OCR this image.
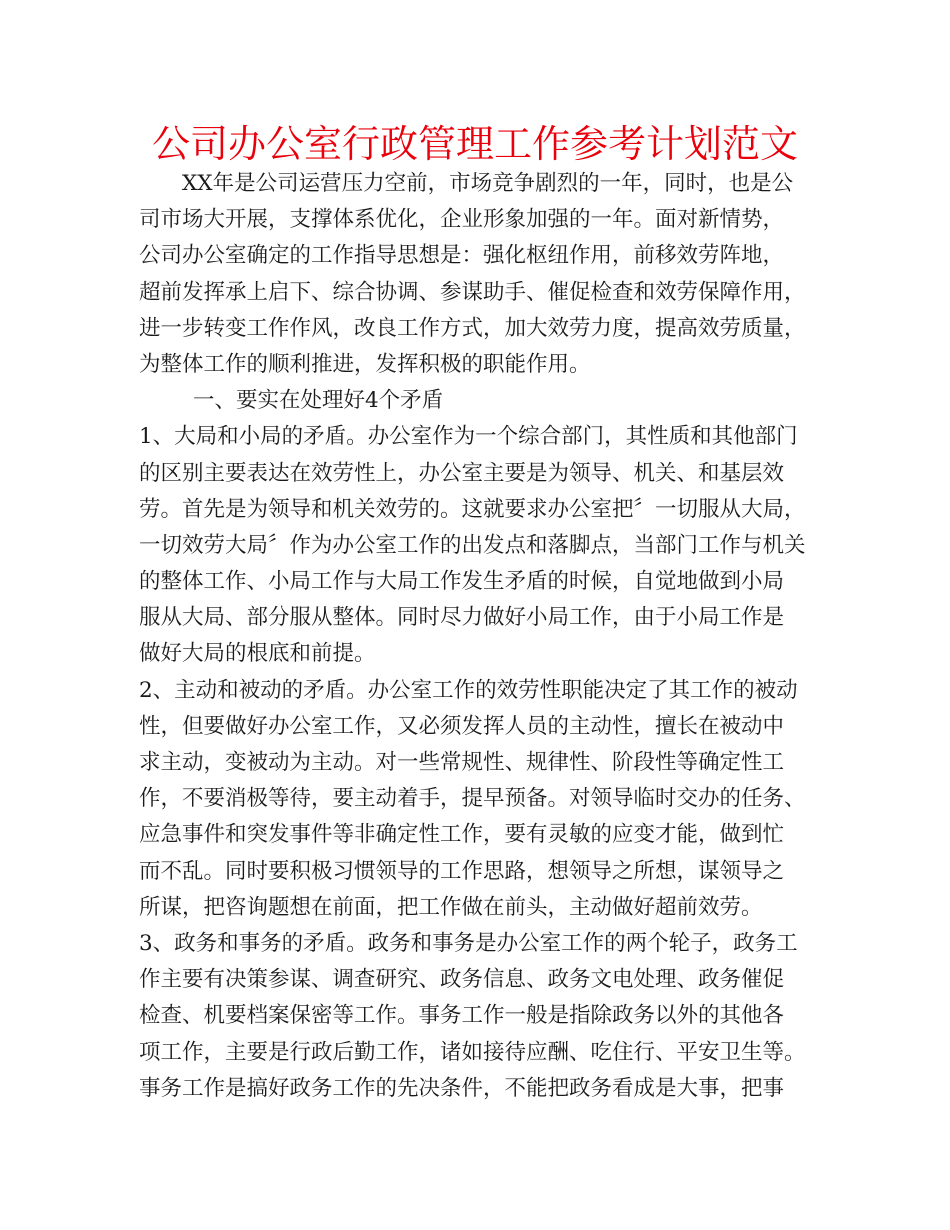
公司办公室行政管理工作参考计划范文
XX年是公司运营压力空前，市场竞争剧烈的一年，同时，也是公
司市场大开展，支撑体系优化，企业形象加强的一年。面对新情势，
公司办公室确定的工作指导思想是：强化枢纽作用，前移效劳阵地，
超前发挥承上启下、综合协调、参谋助手、催促检查和效劳保障作用，
进一步转变工作作风，改良工作方式，加大效劳力度，提高效劳质量，
为整体工作的顺利推进，发挥积极的职能作用。
一、要实在处理好4个矛盾
1、大局和小局的矛盾。办公室作为一个综合部门，其性质和其他部门
的区别主要表达在效劳性上，办公室主要是为领导、机关、和基层效
劳。首先是为领导和机关效劳的。这就要求办公室把〞一切服从大局，
一切效劳大局〞作为办公室工作的出发点和落脚点，当部门工作与机关
的整体工作、小局工作与大局工作发生矛盾的时候，自觉地做到小局
服从大局、部分服从整体。同时尽力做好小局工作，由于小局工作是
做好大局的根底和前提。
2、主动和被动的矛盾。办公室工作的效劳性职能决定了其工作的被动
性，但要做好办公室工作，又必须发挥人员的主动性，擅长在被动中
求主动，变被动为主动。对一些常规性、规律性、阶段性等确定性工
作，不要消极等待，要主动着手，提早预备。对领导临时交办的任务、
应急事件和突发事件等非确定性工作，要有灵敏的应变才能，做到忙
而不乱。同时要积极习惯领导的工作思路，想领导之所想，谋领导之
所谋，把咨询题想在前面，把工作做在前头，主动做好超前效劳。
3、政务和事务的矛盾。政务和事务是办公室工作的两个轮子，政务工
作主要有决策参谋、调查研究、政务信息、政务文电处理、政务催促
检查、机要档案保密等工作。事务工作一般是指除政务以外的其他各
项工作，主要是行政后勤工作，诸如接待应酬、吃住行、平安卫生等。
事务工作是搞好政务工作的先决条件，不能把政务看成是大事，把事
